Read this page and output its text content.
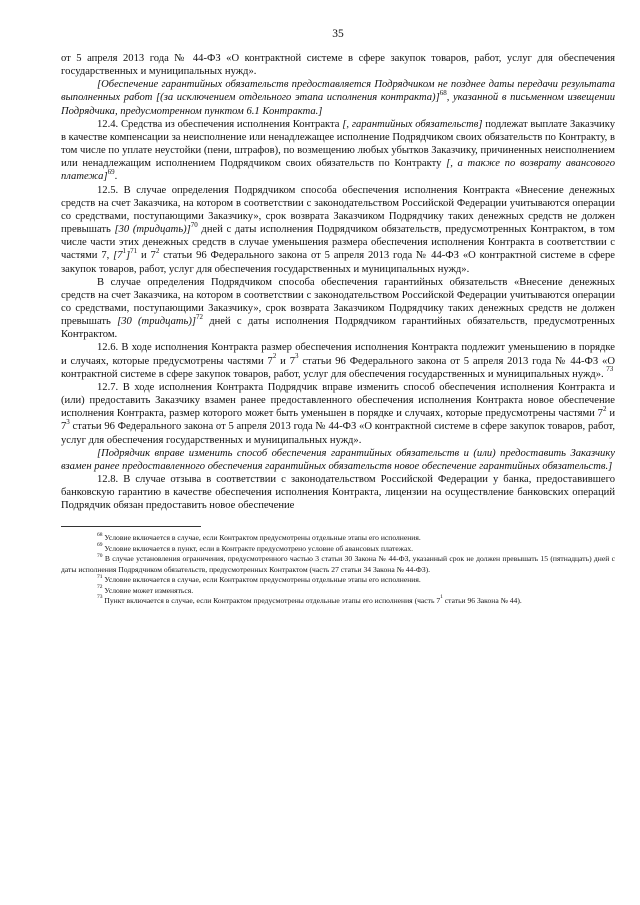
35

от 5 апреля 2013 года № 44-ФЗ «О контрактной системе в сфере закупок товаров, работ, услуг для обеспечения государственных и муниципальных нужд».

[Обеспечение гарантийных обязательств предоставляется Подрядчиком не позднее даты передачи результата выполненных работ [(за исключением отдельного этапа исполнения контракта)]$^{68}$, указанной в письменном извещении Подрядчика, предусмотренном пунктом 6.1 Контракта.]

12.4. Средства из обеспечения исполнения Контракта [, гарантийных обязательств] подлежат выплате Заказчику в качестве компенсации за неисполнение или ненадлежащее исполнение Подрядчиком своих обязательств по Контракту, в том числе по уплате неустойки (пени, штрафов), по возмещению любых убытков Заказчику, причиненных неисполнением или ненадлежащим исполнением Подрядчиком своих обязательств по Контракту [, а также по возврату авансового платежа]$^{69}$.

12.5. В случае определения Подрядчиком способа обеспечения исполнения Контракта «Внесение денежных средств на счет Заказчика, на котором в соответствии с законодательством Российской Федерации учитываются операции со средствами, поступающими Заказчику», срок возврата Заказчиком Подрядчику таких денежных средств не должен превышать [30 (тридцать)]$^{70}$ дней с даты исполнения Подрядчиком обязательств, предусмотренных Контрактом, в том числе части этих денежных средств в случае уменьшения размера обеспечения исполнения Контракта в соответствии с частями 7, $[7^1]^{71}$ и $7^2$ статьи 96 Федерального закона от 5 апреля 2013 года № 44-ФЗ «О контрактной системе в сфере закупок товаров, работ, услуг для обеспечения государственных и муниципальных нужд».

В случае определения Подрядчиком способа обеспечения гарантийных обязательств «Внесение денежных средств на счет Заказчика, на котором в соответствии с законодательством Российской Федерации учитываются операции со средствами, поступающими Заказчику», срок возврата Заказчиком Подрядчику таких денежных средств не должен превышать [30 (тридцать)]$^{72}$ дней с даты исполнения Подрядчиком гарантийных обязательств, предусмотренных Контрактом.

12.6. В ходе исполнения Контракта размер обеспечения исполнения Контракта подлежит уменьшению в порядке и случаях, которые предусмотрены частями $7^2$ и $7^3$ статьи 96 Федерального закона от 5 апреля 2013 года № 44-ФЗ «О контрактной системе в сфере закупок товаров, работ, услуг для обеспечения государственных и муниципальных нужд». $^{73}$

12.7. В ходе исполнения Контракта Подрядчик вправе изменить способ обеспечения исполнения Контракта и (или) предоставить Заказчику взамен ранее предоставленного обеспечения исполнения Контракта новое обеспечение исполнения Контракта, размер которого может быть уменьшен в порядке и случаях, которые предусмотрены частями $7^2$ и $7^3$ статьи 96 Федерального закона от 5 апреля 2013 года № 44-ФЗ «О контрактной системе в сфере закупок товаров, работ, услуг для обеспечения государственных и муниципальных нужд».

[Подрядчик вправе изменить способ обеспечения гарантийных обязательств и (или) предоставить Заказчику взамен ранее предоставленного обеспечения гарантийных обязательств новое обеспечение гарантийных обязательств.]

12.8. В случае отзыва в соответствии с законодательством Российской Федерации у банка, предоставившего банковскую гарантию в качестве обеспечения исполнения Контракта, лицензии на осуществление банковских операций Подрядчик обязан предоставить новое обеспечение

$^{68}$ Условие включается в случае, если Контрактом предусмотрены отдельные этапы его исполнения.

$^{69}$ Условие включается в пункт, если в Контракте предусмотрено условие об авансовых платежах.

$^{70}$ В случае установления ограничения, предусмотренного частью 3 статьи 30 Закона № 44-ФЗ, указанный срок не должен превышать 15 (пятнадцать) дней с даты исполнения Подрядчиком обязательств, предусмотренных Контрактом (часть 27 статьи 34 Закона № 44-ФЗ).

$^{71}$ Условие включается в случае, если Контрактом предусмотрены отдельные этапы его исполнения.

$^{72}$ Условие может изменяться.

$^{73}$ Пункт включается в случае, если Контрактом предусмотрены отдельные этапы его исполнения (часть $7^1$ статьи 96 Закона № 44).
